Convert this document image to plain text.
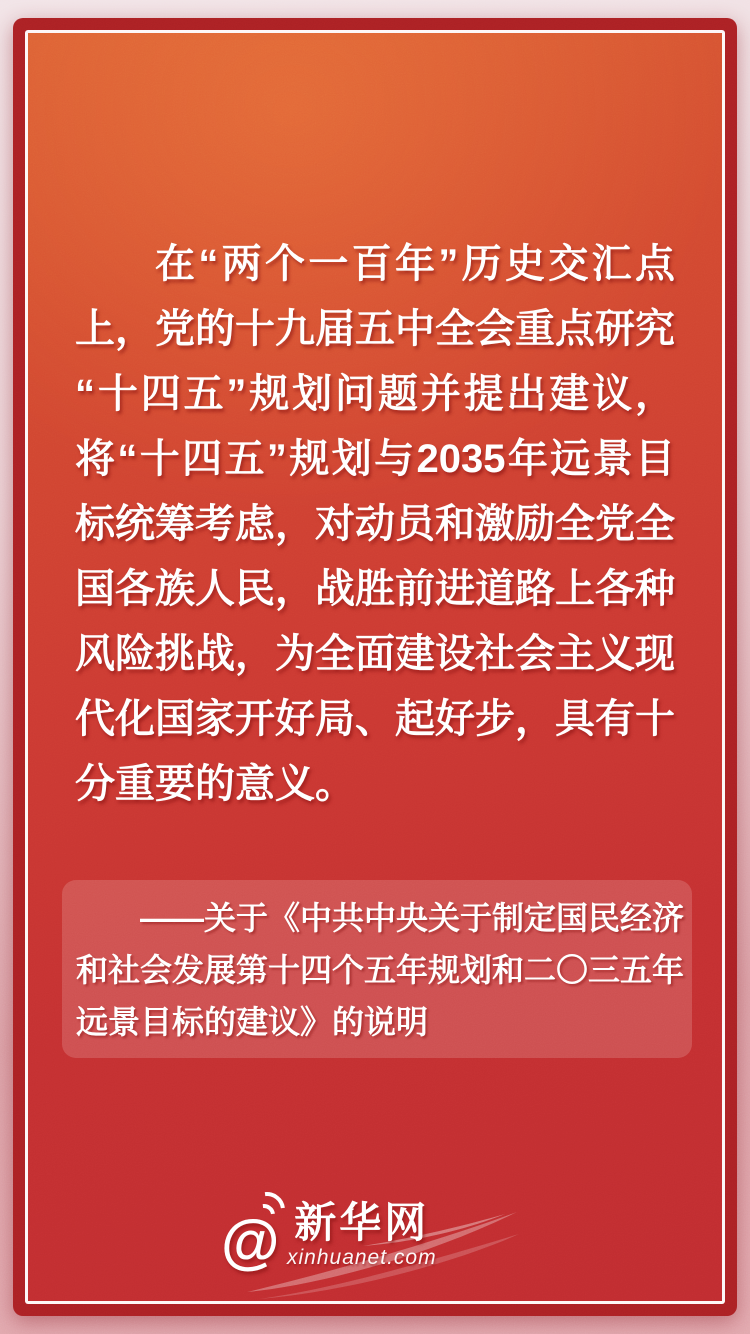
在“两个一百年”历史交汇点
上，党的十九届五中全会重点研究
“十四五”规划问题并提出建议，
将“十四五”规划与2035年远景目
标统筹考虑，对动员和激励全党全
国各族人民，战胜前进道路上各种
风险挑战，为全面建设社会主义现
代化国家开好局、起好步，具有十
分重要的意义。
——关于《中共中央关于制定国民经济
和社会发展第十四个五年规划和二〇三五年
远景目标的建议》的说明
@ 新华网
xinhuanet.com
